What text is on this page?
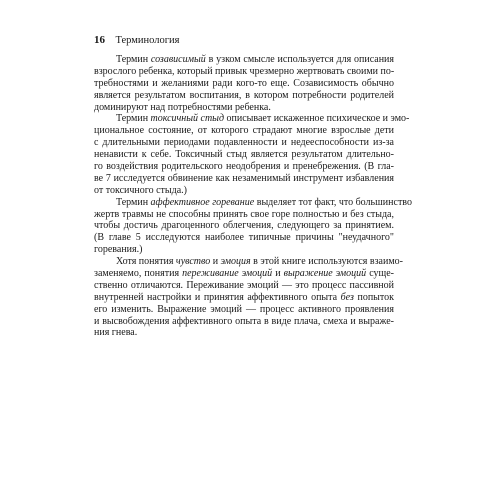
16 Терминология
Термин созависимый в узком смысле используется для описания
взрослого ребенка, который привык чрезмерно жертвовать своими по-
требностями и желаниями ради кого-то еще. Созависимость обычно
является результатом воспитания, в котором потребности родителей
доминируют над потребностями ребенка.
Термин токсичный стыд описывает искаженное психическое и эмо-
циональное состояние, от которого страдают многие взрослые дети
с длительными периодами подавленности и недееспособности из-за
ненависти к себе. Токсичный стыд является результатом длительно-
го воздействия родительского неодобрения и пренебрежения. (В гла-
ве 7 исследуется обвинение как незаменимый инструмент избавления
от токсичного стыда.)
Термин аффективное горевание выделяет тот факт, что большинство
жертв травмы не способны принять свое горе полностью и без стыда,
чтобы достичь драгоценного облегчения, следующего за принятием.
(В главе 5 исследуются наиболее типичные причины "неудачного"
горевания.)
Хотя понятия чувство и эмоция в этой книге используются взаимо-
заменяемо, понятия переживание эмоций и выражение эмоций суще-
ственно отличаются. Переживание эмоций — это процесс пассивной
внутренней настройки и принятия аффективного опыта без попыток
его изменить. Выражение эмоций — процесс активного проявления
и высвобождения аффективного опыта в виде плача, смеха и выраже-
ния гнева.
